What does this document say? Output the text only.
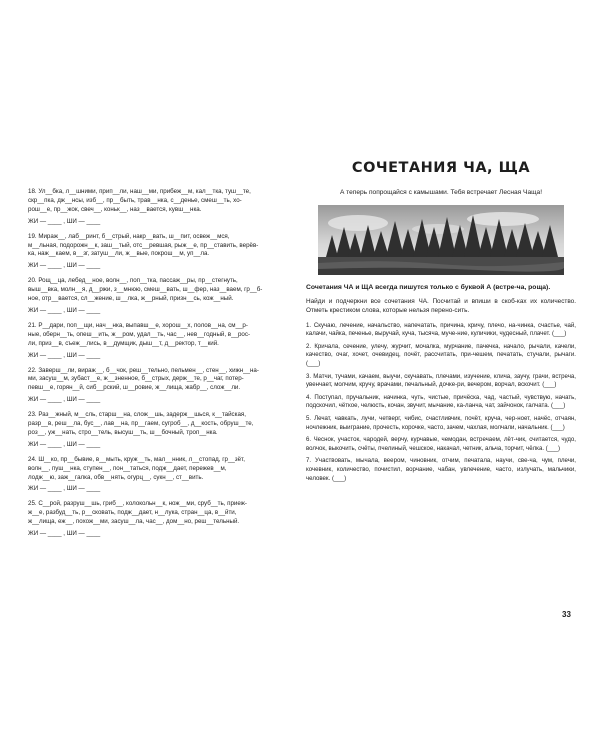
18. Ул__бка, л__шними, прип__ли, наш__ми, прибеж__м, кал__тка, туш__те,
скр__пка, дж__нсы, изб__, пр__быть, трав__нка, с__деньe, смеш__ть, хо-
рош__е, пр__жок, свеч__, коньк__, наз__вается, кувш__нка.
ЖИ — ____ , ШИ — ____
19. Мираж__, лаб__ринт, б__стрый, накр__вать, ш__пит, освеж__мся,
м__льная, подорожн__к, заш__тый, отс__ревшая, рыж__е, пр__ставить, верёв-
ка, наж__каем, в__зг, затуш__ли, ж__вые, покрош__м, уп__ла.
ЖИ — ____ , ШИ — ____
20. Рощ__ца, лебед__ное, волн__, поп__тка, пассаж__ры, пр__стегнуть,
выш__вка, молн__я, д__ржи, з__мнюю, смеш__вать, ш__фер, наз__ваем, гр__б-
ное, отр__вается, сл__жение, ш__лка, ж__рный, призн__сь, кож__ный.
ЖИ — ____ , ШИ — ____
21. Р__дари, поп__щи, нач__нка, выпавш__е, хорош__х, полов__на, см__р-
ные, оберн__ть, опеш__ить, ж__ром, удал__ть, час__, нев__годный, в__рос-
ли, приз__в, съеж__лись, в__думщик, дыш__т, д__ректор, т__кий.
ЖИ — ____ , ШИ — ____
22. Заверш__ли, вираж__, б__чок, реш__тельно, пельмен__, стен__, хижн__на-
ми, засуш__м, зубаст__е, ж__зненное, б__стрых, держ__те, р__чаг, потер-
певш__е, горян__й, сиб__рский, ш__ровие, ж__лища, жабр__, слож__ли.
ЖИ — ____ , ШИ — ____
23. Раз__жный, м__сль, старш__на, слож__шь, задерж__шься, к__тайская,
разр__в, реш__ла, бус__, лав__на, пр__гаем, сугроб__, д__кость, обруш__те,
роз__, уж__нать, стро__тель, высуш__ть, ш__бочный, троп__нка.
ЖИ — ____ , ШИ — ____
24. Ш__ко, пр__бывие, в__мыть, круж__ть, мал__нник, л__стопад, гр__зёт,
волн__, пуш__нка, ступен__, пон__таться, подж__дает, пережев__м,
лодж__ю, заж__галка, обв__нять, огурц__, сукн__, ст__вить.
ЖИ — ____ , ШИ — ____
25. С__рой, разруш__шь, гриб__, колокольн__к, нож__ми, сруб__ть, приеж-
ж__е, разбуд__ть, р__сковать, подж__дает, н__лука, стран__ца, в__йти,
ж__лища, еж__, похож__ми, засуш__ла, час__, дом__но, реш__тельный.
ЖИ — ____ , ШИ — ____
СОЧЕТАНИЯ ЧА, ЩА
А теперь попрощайся с камышами. Тебя встречает Лесная Чаща!
Сочетания ЧА и ЩА всегда пишутся только с буквой А (встре-ча, роща).
Найди и подчеркни все сочетания ЧА. Посчитай и впиши в скоб-ках их количество. Отметь крестиком слова, которые нельзя перено-сить.
1. Скучаю, лечение, начальство, напечатать, причина, кричу, плечо, на-чинка, счастье, чай, калачи, чайка, печенье, выручай, куча, тысяча, муче-ние, куличики, чудесный, плачет. (___)
2. Кричала, сечение, улечу, журчит, мочалка, мурчание, пачечка, начало, рычали, качели, качество, очаг, хочет, очевидец, почёт, рассчитать, при-чешем, печатать, стучали, рычаги. (___)
3. Матчи, тучами, качаем, выучи, скучавать, плечами, изучение, клича, заучу, грачи, встреча, увенчает, молчим, кручу, врачами, печальный, дочке-ри, вечером, ворчал, вскочит. (___)
4. Поступал, пручальник, начинка, чуть, чистые, причёска, чад, частый, чувствую, начать, подскочил, чёткое, челюсть, кочан, звучит, мычание, ка-ланча, чат, зайчонок, галчата. (___)
5. Лечат, чавкать, лучи, четверг, чибис, счастливчик, почёт, круча, чер-ноет, начёс, отчаян, ночлежник, выиграние, прочесть, корочке, часто, зачем, чахлая, молчали, начальник. (___)
6. Чеснок, участок, чародей, верчу, курчавые, чемодан, встречаем, лёт-чик, считается, чудо, волчок, выкочить, счёты, пчелиный, чешское, накачал, четник, альча, торчит, чёлка. (___)
7. Участвовать, мычала, веером, чиновник, отчим, печатала, научи, све-ча, чум, плечи, кочевник, количество, почистил, ворчание, чабан, увлечение, часто, излучать, мальчики, человек. (___)
33
